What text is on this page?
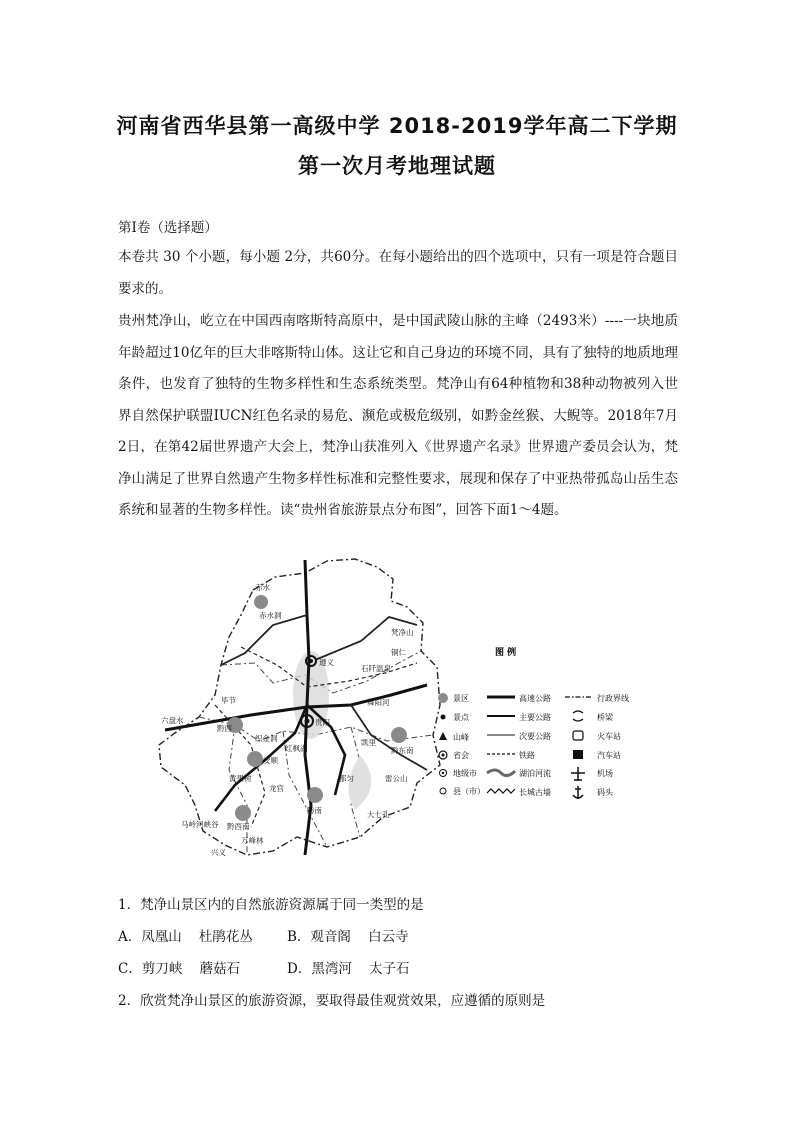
河南省西华县第一高级中学 2018-2019学年高二下学期
第一次月考地理试题
第Ⅰ卷（选择题）
本卷共 30 个小题，每小题 2分，共60分。在每小题给出的四个选项中，只有一项是符合题目要求的。
贵州梵净山，屹立在中国西南喀斯特高原中，是中国武陵山脉的主峰（2493米）----一块地质年龄超过10亿年的巨大非喀斯特山体。这让它和自己身边的环境不同，具有了独特的地质地理条件，也发育了独特的生物多样性和生态系统类型。梵净山有64种植物和38种动物被列入世界自然保护联盟IUCN红色名录的易危、濒危或极危级别，如黔金丝猴、大鲵等。2018年7月2日，在第42届世界遗产大会上，梵净山获准列入《世界遗产名录》世界遗产委员会认为，梵净山满足了世界自然遗产生物多样性标准和完整性要求，展现和保存了中亚热带孤岛山岳生态系统和显著的生物多样性。读“贵州省旅游景点分布图”，回答下面1～4题。
赤水
赤水洞
遵义
梵净山
铜仁
毕节
贵阳
安顺
凯里
都匀
黔南
黔西
黔东南
黔西南
兴义
黄果树
龙宫
六盘水
织金洞
红枫湖
石阡温泉
舞阳河
大七孔
马岭河峡谷
万峰林
雷公山
图 例
景区
景点
山峰
省会
地级市
县（市）
高速公路
主要公路
次要公路
铁路
湖泊河流
长城古墙
行政界线
桥梁
火车站
汽车站
机场
码头
1．梵净山景区内的自然旅游资源属于同一类型的是
A．凤凰山    杜鹃花丛	B．观音阁    白云寺
C．剪刀峡    蘑菇石	D．黑湾河    太子石
2．欣赏梵净山景区的旅游资源，要取得最佳观赏效果，应遵循的原则是
